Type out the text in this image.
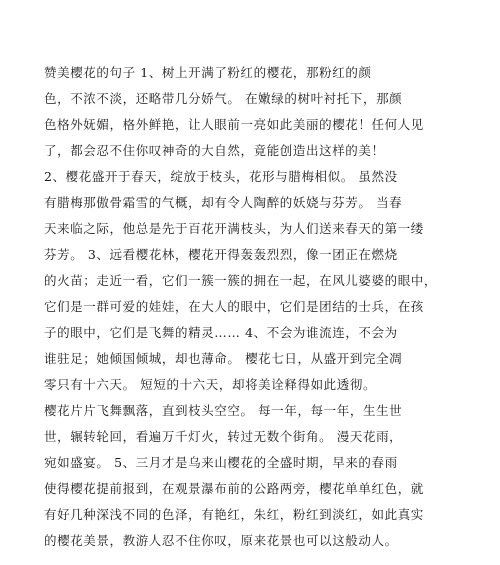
赞美樱花的句子 1、树上开满了粉红的樱花，那粉红的颜
色，不浓不淡，还略带几分娇气。 在嫩绿的树叶衬托下，那颜
色格外妩媚，格外鲜艳，让人眼前一亮如此美丽的樱花！任何人见
了，都会忍不住你叹神奇的大自然，竟能创造出这样的美！
2、樱花盛开于春天，绽放于枝头，花形与腊梅相似。 虽然没
有腊梅那傲骨霜雪的气概，却有令人陶醉的妖娆与芬芳。 当春
天来临之际，他总是先于百花开满枝头，为人们送来春天的第一缕
芬芳。 3、远看樱花林，樱花开得轰轰烈烈，像一团正在燃烧
的火苗；走近一看，它们一簇一簇的拥在一起，在风儿婆婆的眼中，
它们是一群可爱的娃娃，在大人的眼中，它们是团结的士兵，在孩
子的眼中，它们是飞舞的精灵…… 4、不会为谁流连，不会为
谁驻足；她倾国倾城，却也薄命。 樱花七日，从盛开到完全凋
零只有十六天。 短短的十六天，却将美诠释得如此透彻。
樱花片片飞舞飘落，直到枝头空空。 每一年，每一年，生生世
世，辗转轮回，看遍万千灯火，转过无数个街角。 漫天花雨，
宛如盛宴。 5、三月才是乌来山樱花的全盛时期，早来的春雨
使得樱花提前报到，在观景瀑布前的公路两旁，樱花单单红色，就
有好几种深浅不同的色泽，有艳红，朱红，粉红到淡红，如此真实
的樱花美景，教游人忍不住你叹，原来花景也可以这般动人。
